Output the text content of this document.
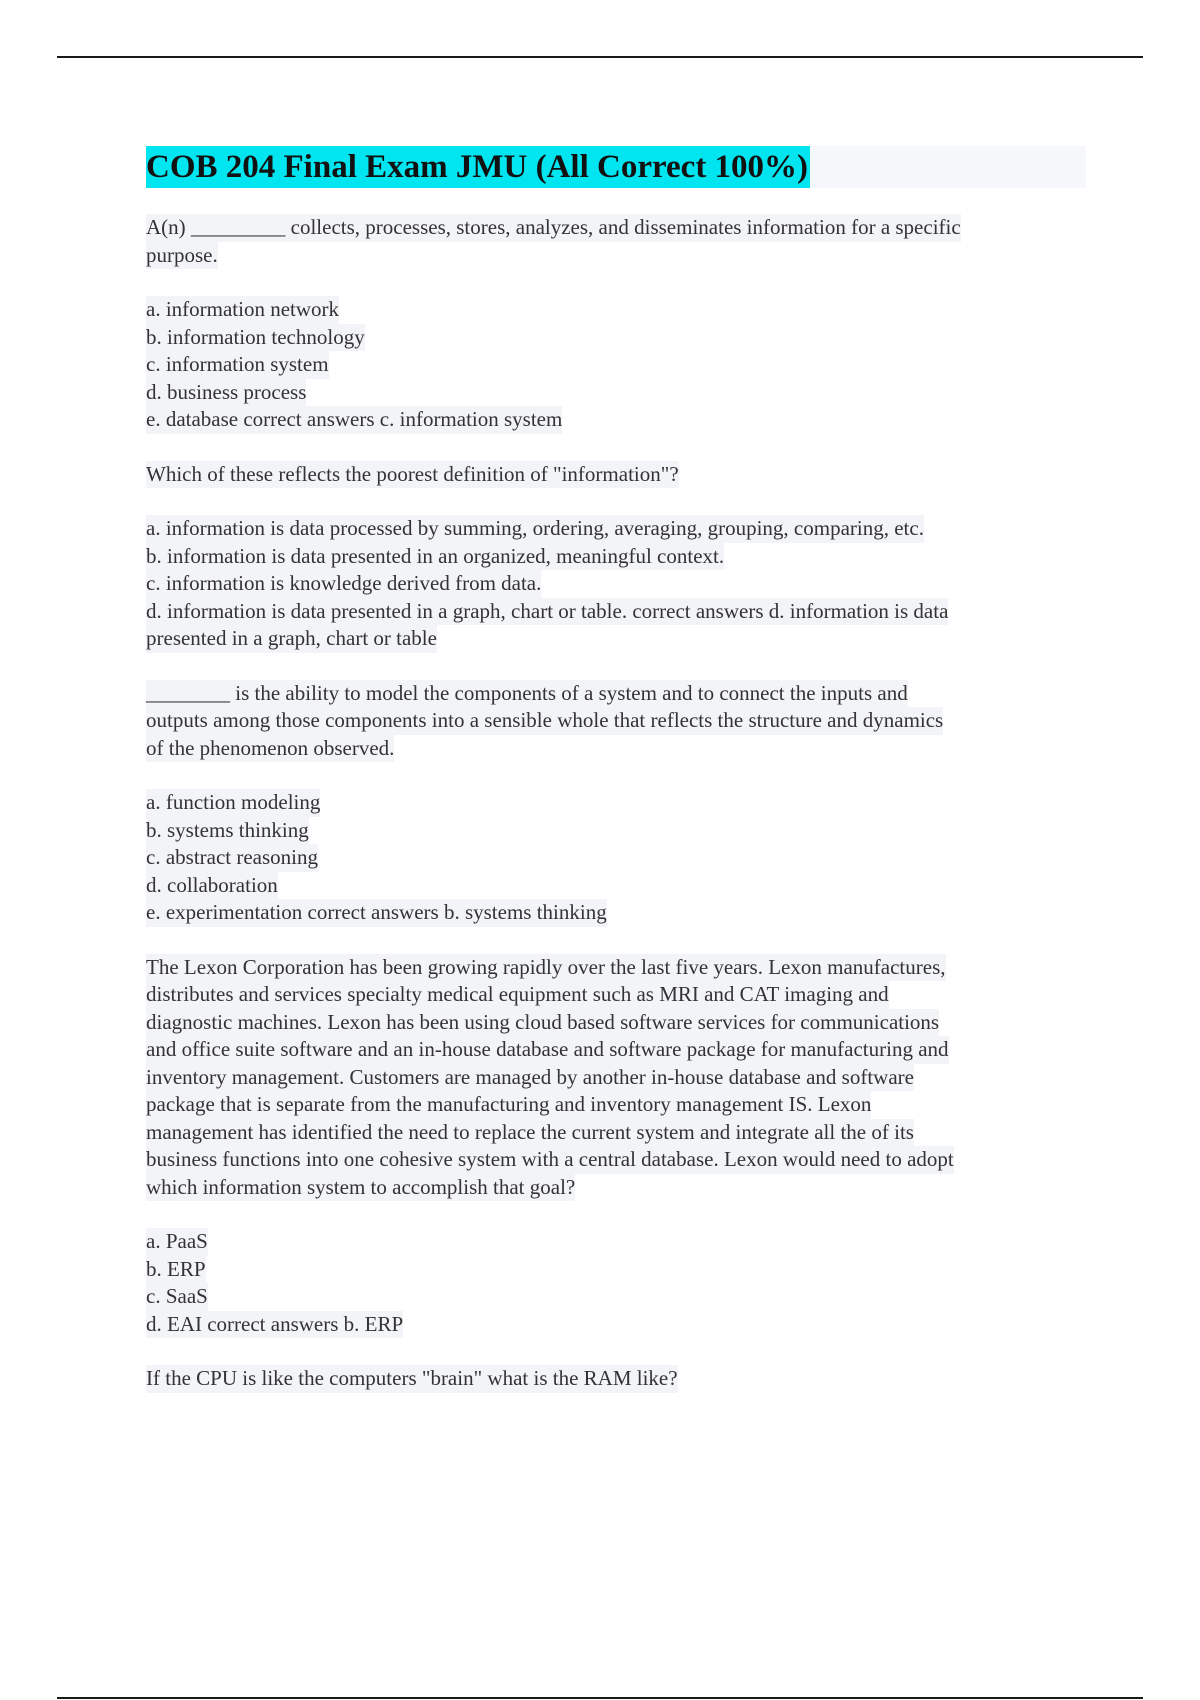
COB 204 Final Exam JMU (All Correct 100%)
A(n) _________ collects, processes, stores, analyzes, and disseminates information for a specific
purpose.
a. information network
b. information technology
c. information system
d. business process
e. database correct answers c. information system
Which of these reflects the poorest definition of "information"?
a. information is data processed by summing, ordering, averaging, grouping, comparing, etc.
b. information is data presented in an organized, meaningful context.
c. information is knowledge derived from data.
d. information is data presented in a graph, chart or table. correct answers d. information is data
presented in a graph, chart or table
________ is the ability to model the components of a system and to connect the inputs and
outputs among those components into a sensible whole that reflects the structure and dynamics
of the phenomenon observed.
a. function modeling
b. systems thinking
c. abstract reasoning
d. collaboration
e. experimentation correct answers b. systems thinking
The Lexon Corporation has been growing rapidly over the last five years. Lexon manufactures,
distributes and services specialty medical equipment such as MRI and CAT imaging and
diagnostic machines. Lexon has been using cloud based software services for communications
and office suite software and an in-house database and software package for manufacturing and
inventory management. Customers are managed by another in-house database and software
package that is separate from the manufacturing and inventory management IS. Lexon
management has identified the need to replace the current system and integrate all the of its
business functions into one cohesive system with a central database. Lexon would need to adopt
which information system to accomplish that goal?
a. PaaS
b. ERP
c. SaaS
d. EAI correct answers b. ERP
If the CPU is like the computers "brain" what is the RAM like?
